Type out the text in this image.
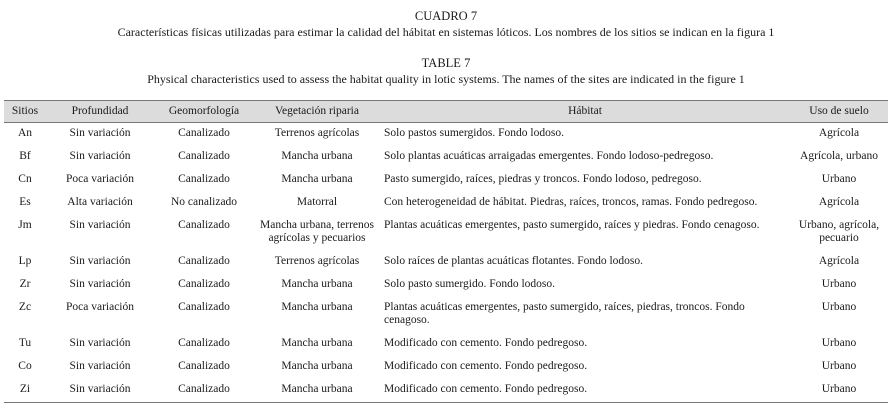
CUADRO 7
Características físicas utilizadas para estimar la calidad del hábitat en sistemas lóticos. Los nombres de los sitios se indican en la figura 1
TABLE 7
Physical characteristics used to assess the habitat quality in lotic systems. The names of the sites are indicated in the figure 1
Sitios	Profundidad	Geomorfología	Vegetación riparia	Hábitat	Uso de suelo
An	Sin variación	Canalizado	Terrenos agrícolas	Solo pastos sumergidos. Fondo lodoso.	Agrícola
Bf	Sin variación	Canalizado	Mancha urbana	Solo plantas acuáticas arraigadas emergentes. Fondo lodoso-pedregoso.	Agrícola, urbano
Cn	Poca variación	Canalizado	Mancha urbana	Pasto sumergido, raíces, piedras y troncos. Fondo lodoso, pedregoso.	Urbano
Es	Alta variación	No canalizado	Matorral	Con heterogeneidad de hábitat. Piedras, raíces, troncos, ramas. Fondo pedregoso.	Agrícola
Jm	Sin variación	Canalizado	Mancha urbana, terrenos agrícolas y pecuarios	Plantas acuáticas emergentes, pasto sumergido, raíces y piedras. Fondo cenagoso.	Urbano, agrícola, pecuario
Lp	Sin variación	Canalizado	Terrenos agrícolas	Solo raíces de plantas acuáticas flotantes. Fondo lodoso.	Agrícola
Zr	Sin variación	Canalizado	Mancha urbana	Solo pasto sumergido. Fondo lodoso.	Urbano
Zc	Poca variación	Canalizado	Mancha urbana	Plantas acuáticas emergentes, pasto sumergido, raíces, piedras, troncos. Fondo cenagoso.	Urbano
Tu	Sin variación	Canalizado	Mancha urbana	Modificado con cemento. Fondo pedregoso.	Urbano
Co	Sin variación	Canalizado	Mancha urbana	Modificado con cemento. Fondo pedregoso.	Urbano
Zi	Sin variación	Canalizado	Mancha urbana	Modificado con cemento. Fondo pedregoso.	Urbano
